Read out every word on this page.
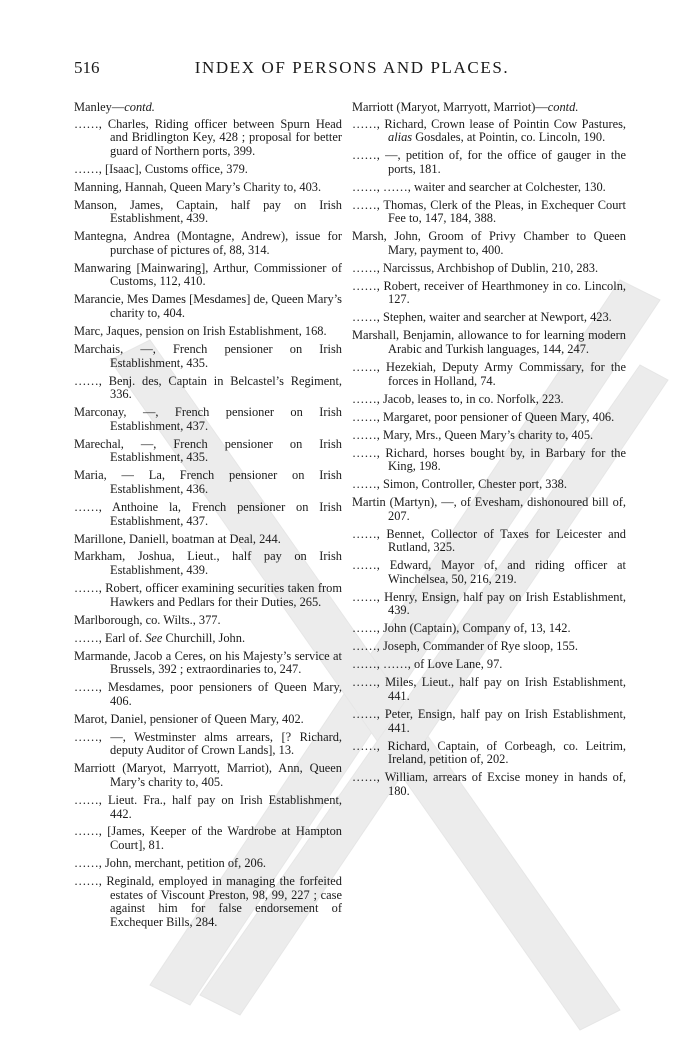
516	INDEX OF PERSONS AND PLACES.

Manley—contd.

……, Charles, Riding officer between Spurn Head and Bridlington Key, 428 ; proposal for better guard of Northern ports, 399.

……, [Isaac], Customs office, 379.

Manning, Hannah, Queen Mary’s Charity to, 403.

Manson, James, Captain, half pay on Irish Establishment, 439.

Mantegna, Andrea (Montagne, Andrew), issue for purchase of pictures of, 88, 314.

Manwaring [Mainwaring], Arthur, Commissioner of Customs, 112, 410.

Marancie, Mes Dames [Mesdames] de, Queen Mary’s charity to, 404.

Marc, Jaques, pension on Irish Establishment, 168.

Marchais, —, French pensioner on Irish Establishment, 435.

……, Benj. des, Captain in Belcastel’s Regiment, 336.

Marconay, —, French pensioner on Irish Establishment, 437.

Marechal, —, French pensioner on Irish Establishment, 435.

Maria, — La, French pensioner on Irish Establishment, 436.

……, Anthoine la, French pensioner on Irish Establishment, 437.

Marillone, Daniell, boatman at Deal, 244.

Markham, Joshua, Lieut., half pay on Irish Establishment, 439.

……, Robert, officer examining securities taken from Hawkers and Pedlars for their Duties, 265.

Marlborough, co. Wilts., 377.

……, Earl of. See Churchill, John.

Marmande, Jacob a Ceres, on his Majesty’s service at Brussels, 392 ; extraordinaries to, 247.

……, Mesdames, poor pensioners of Queen Mary, 406.

Marot, Daniel, pensioner of Queen Mary, 402.

……, —, Westminster alms arrears, [? Richard, deputy Auditor of Crown Lands], 13.

Marriott (Maryot, Marryott, Marriot), Ann, Queen Mary’s charity to, 405.

……, Lieut. Fra., half pay on Irish Establishment, 442.

……, [James, Keeper of the Wardrobe at Hampton Court], 81.

……, John, merchant, petition of, 206.

……, Reginald, employed in managing the forfeited estates of Viscount Preston, 98, 99, 227 ; case against him for false endorsement of Exchequer Bills, 284.

Marriott (Maryot, Marryott, Marriot)—contd.

……, Richard, Crown lease of Pointin Cow Pastures, alias Gosdales, at Pointin, co. Lincoln, 190.

……, —, petition of, for the office of gauger in the ports, 181.

……, ……, waiter and searcher at Colchester, 130.

……, Thomas, Clerk of the Pleas, in Exchequer Court Fee to, 147, 184, 388.

Marsh, John, Groom of Privy Chamber to Queen Mary, payment to, 400.

……, Narcissus, Archbishop of Dublin, 210, 283.

……, Robert, receiver of Hearthmoney in co. Lincoln, 127.

……, Stephen, waiter and searcher at Newport, 423.

Marshall, Benjamin, allowance to for learning modern Arabic and Turkish languages, 144, 247.

……, Hezekiah, Deputy Army Commissary, for the forces in Holland, 74.

……, Jacob, leases to, in co. Norfolk, 223.

……, Margaret, poor pensioner of Queen Mary, 406.

……, Mary, Mrs., Queen Mary’s charity to, 405.

……, Richard, horses bought by, in Barbary for the King, 198.

……, Simon, Controller, Chester port, 338.

Martin (Martyn), —, of Evesham, dishonoured bill of, 207.

……, Bennet, Collector of Taxes for Leicester and Rutland, 325.

……, Edward, Mayor of, and riding officer at Winchelsea, 50, 216, 219.

……, Henry, Ensign, half pay on Irish Establishment, 439.

……, John (Captain), Company of, 13, 142.

……, Joseph, Commander of Rye sloop, 155.

……, ……, of Love Lane, 97.

……, Miles, Lieut., half pay on Irish Establishment, 441.

……, Peter, Ensign, half pay on Irish Establishment, 441.

……, Richard, Captain, of Corbeagh, co. Leitrim, Ireland, petition of, 202.

……, William, arrears of Excise money in hands of, 180.
